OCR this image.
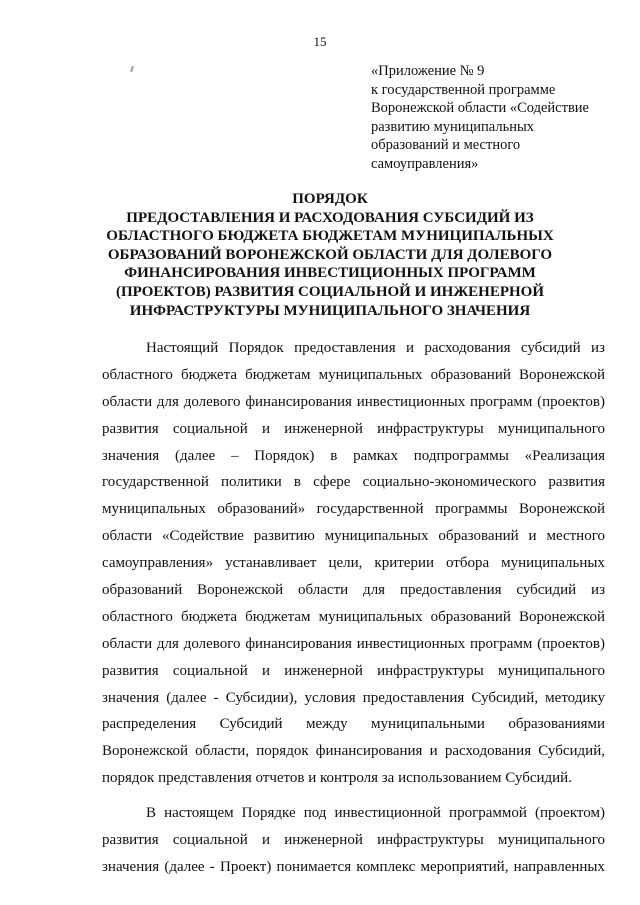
15
«Приложение № 9
к государственной программе
Воронежской области «Содействие
развитию муниципальных
образований и местного
самоуправления»
ПОРЯДОК
ПРЕДОСТАВЛЕНИЯ И РАСХОДОВАНИЯ СУБСИДИЙ ИЗ
ОБЛАСТНОГО БЮДЖЕТА БЮДЖЕТАМ МУНИЦИПАЛЬНЫХ
ОБРАЗОВАНИЙ ВОРОНЕЖСКОЙ ОБЛАСТИ ДЛЯ ДОЛЕВОГО
ФИНАНСИРОВАНИЯ ИНВЕСТИЦИОННЫХ ПРОГРАММ
(ПРОЕКТОВ) РАЗВИТИЯ СОЦИАЛЬНОЙ И ИНЖЕНЕРНОЙ
ИНФРАСТРУКТУРЫ МУНИЦИПАЛЬНОГО ЗНАЧЕНИЯ
Настоящий Порядок предоставления и расходования субсидий из
областного бюджета бюджетам муниципальных образований Воронежской
области для долевого финансирования инвестиционных программ (проектов)
развития социальной и инженерной инфраструктуры муниципального
значения (далее – Порядок) в рамках подпрограммы «Реализация
государственной политики в сфере социально-экономического развития
муниципальных образований» государственной программы Воронежской
области «Содействие развитию муниципальных образований и местного
самоуправления» устанавливает цели, критерии отбора муниципальных
образований Воронежской области для предоставления субсидий из
областного бюджета бюджетам муниципальных образований Воронежской
области для долевого финансирования инвестиционных программ (проектов)
развития социальной и инженерной инфраструктуры муниципального
значения (далее - Субсидии), условия предоставления Субсидий, методику
распределения Субсидий между муниципальными образованиями
Воронежской области, порядок финансирования и расходования Субсидий,
порядок представления отчетов и контроля за использованием Субсидий.
В настоящем Порядке под инвестиционной программой (проектом)
развития социальной и инженерной инфраструктуры муниципального
значения (далее - Проект) понимается комплекс мероприятий, направленных
